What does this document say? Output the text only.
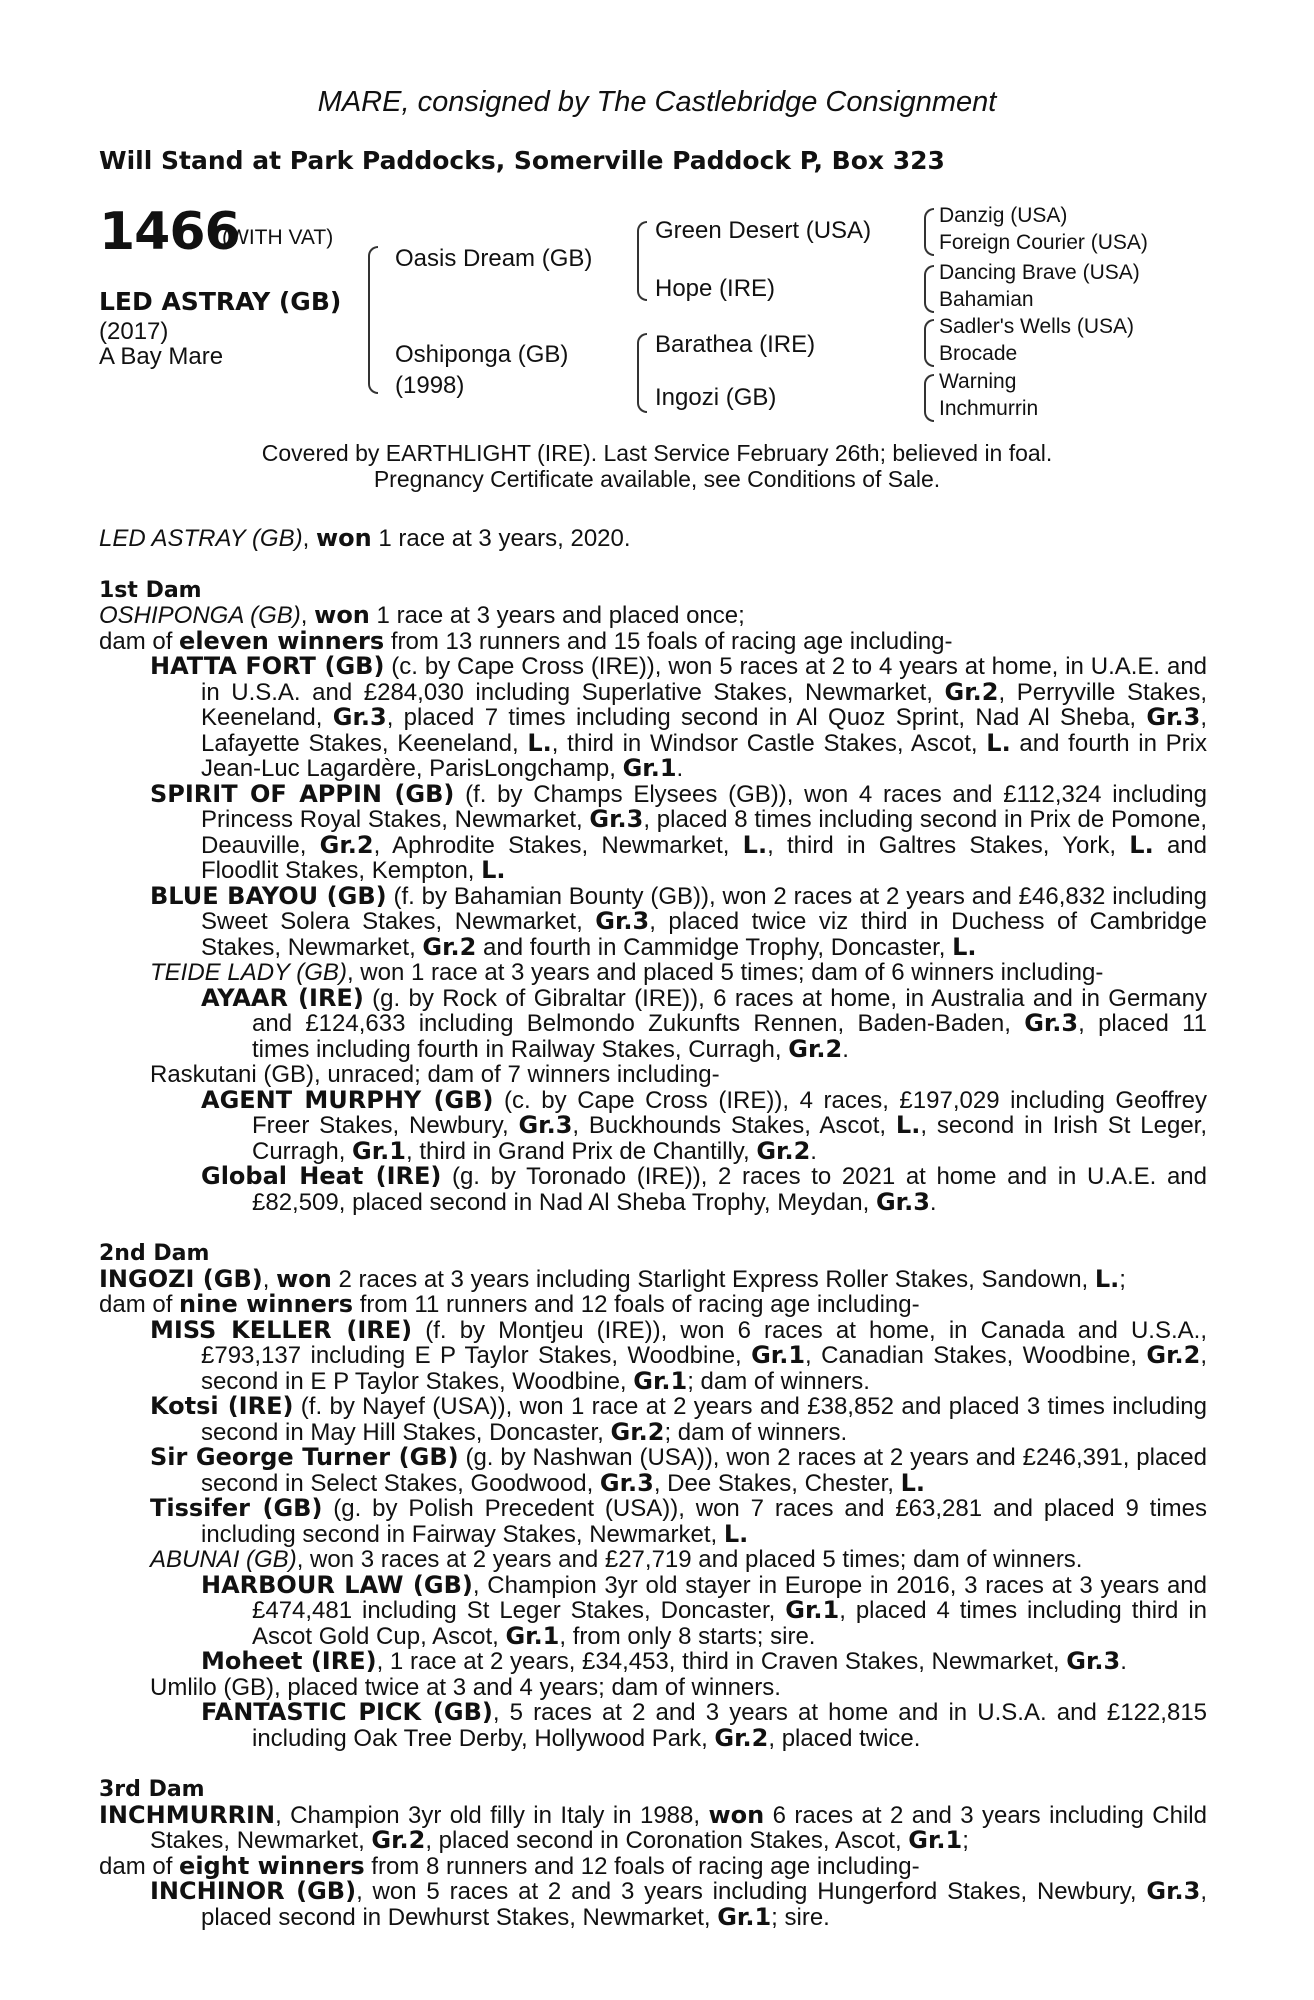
MARE, consigned by The Castlebridge Consignment
Will Stand at Park Paddocks, Somerville Paddock P, Box 323
1466
(WITH VAT)
LED ASTRAY (GB)
(2017)
A Bay Mare
Oasis Dream (GB)
Oshiponga (GB)
(1998)
Green Desert (USA)
Hope (IRE)
Barathea (IRE)
Ingozi (GB)
Danzig (USA)
Foreign Courier (USA)
Dancing Brave (USA)
Bahamian
Sadler's Wells (USA)
Brocade
Warning
Inchmurrin
Covered by EARTHLIGHT (IRE). Last Service February 26th; believed in foal.
Pregnancy Certificate available, see Conditions of Sale.

LED ASTRAY (GB), won 1 race at 3 years, 2020.

1st Dam

OSHIPONGA (GB), won 1 race at 3 years and placed once;

dam of eleven winners from 13 runners and 15 foals of racing age including-

HATTA FORT (GB) (c. by Cape Cross (IRE)), won 5 races at 2 to 4 years at home, in U.A.E. and in U.S.A. and £284,030 including Superlative Stakes, Newmarket, Gr.2, Perryville Stakes, Keeneland, Gr.3, placed 7 times including second in Al Quoz Sprint, Nad Al Sheba, Gr.3, Lafayette Stakes, Keeneland, L., third in Windsor Castle Stakes, Ascot, L. and fourth in Prix Jean-Luc Lagardère, ParisLongchamp, Gr.1.

SPIRIT OF APPIN (GB) (f. by Champs Elysees (GB)), won 4 races and £112,324 including Princess Royal Stakes, Newmarket, Gr.3, placed 8 times including second in Prix de Pomone, Deauville, Gr.2, Aphrodite Stakes, Newmarket, L., third in Galtres Stakes, York, L. and Floodlit Stakes, Kempton, L.

BLUE BAYOU (GB) (f. by Bahamian Bounty (GB)), won 2 races at 2 years and £46,832 including Sweet Solera Stakes, Newmarket, Gr.3, placed twice viz third in Duchess of Cambridge Stakes, Newmarket, Gr.2 and fourth in Cammidge Trophy, Doncaster, L.

TEIDE LADY (GB), won 1 race at 3 years and placed 5 times; dam of 6 winners including-

AYAAR (IRE) (g. by Rock of Gibraltar (IRE)), 6 races at home, in Australia and in Germany and £124,633 including Belmondo Zukunfts Rennen, Baden-Baden, Gr.3, placed 11 times including fourth in Railway Stakes, Curragh, Gr.2.

Raskutani (GB), unraced; dam of 7 winners including-

AGENT MURPHY (GB) (c. by Cape Cross (IRE)), 4 races, £197,029 including Geoffrey Freer Stakes, Newbury, Gr.3, Buckhounds Stakes, Ascot, L., second in Irish St Leger, Curragh, Gr.1, third in Grand Prix de Chantilly, Gr.2.

Global Heat (IRE) (g. by Toronado (IRE)), 2 races to 2021 at home and in U.A.E. and £82,509, placed second in Nad Al Sheba Trophy, Meydan, Gr.3.

2nd Dam

INGOZI (GB), won 2 races at 3 years including Starlight Express Roller Stakes, Sandown, L.;

dam of nine winners from 11 runners and 12 foals of racing age including-

MISS KELLER (IRE) (f. by Montjeu (IRE)), won 6 races at home, in Canada and U.S.A., £793,137 including E P Taylor Stakes, Woodbine, Gr.1, Canadian Stakes, Woodbine, Gr.2, second in E P Taylor Stakes, Woodbine, Gr.1; dam of winners.

Kotsi (IRE) (f. by Nayef (USA)), won 1 race at 2 years and £38,852 and placed 3 times including second in May Hill Stakes, Doncaster, Gr.2; dam of winners.

Sir George Turner (GB) (g. by Nashwan (USA)), won 2 races at 2 years and £246,391, placed second in Select Stakes, Goodwood, Gr.3, Dee Stakes, Chester, L.

Tissifer (GB) (g. by Polish Precedent (USA)), won 7 races and £63,281 and placed 9 times including second in Fairway Stakes, Newmarket, L.

ABUNAI (GB), won 3 races at 2 years and £27,719 and placed 5 times; dam of winners.

HARBOUR LAW (GB), Champion 3yr old stayer in Europe in 2016, 3 races at 3 years and £474,481 including St Leger Stakes, Doncaster, Gr.1, placed 4 times including third in Ascot Gold Cup, Ascot, Gr.1, from only 8 starts; sire.

Moheet (IRE), 1 race at 2 years, £34,453, third in Craven Stakes, Newmarket, Gr.3.

Umlilo (GB), placed twice at 3 and 4 years; dam of winners.

FANTASTIC PICK (GB), 5 races at 2 and 3 years at home and in U.S.A. and £122,815 including Oak Tree Derby, Hollywood Park, Gr.2, placed twice.

3rd Dam

INCHMURRIN, Champion 3yr old filly in Italy in 1988, won 6 races at 2 and 3 years including Child Stakes, Newmarket, Gr.2, placed second in Coronation Stakes, Ascot, Gr.1;

dam of eight winners from 8 runners and 12 foals of racing age including-

INCHINOR (GB), won 5 races at 2 and 3 years including Hungerford Stakes, Newbury, Gr.3, placed second in Dewhurst Stakes, Newmarket, Gr.1; sire.
